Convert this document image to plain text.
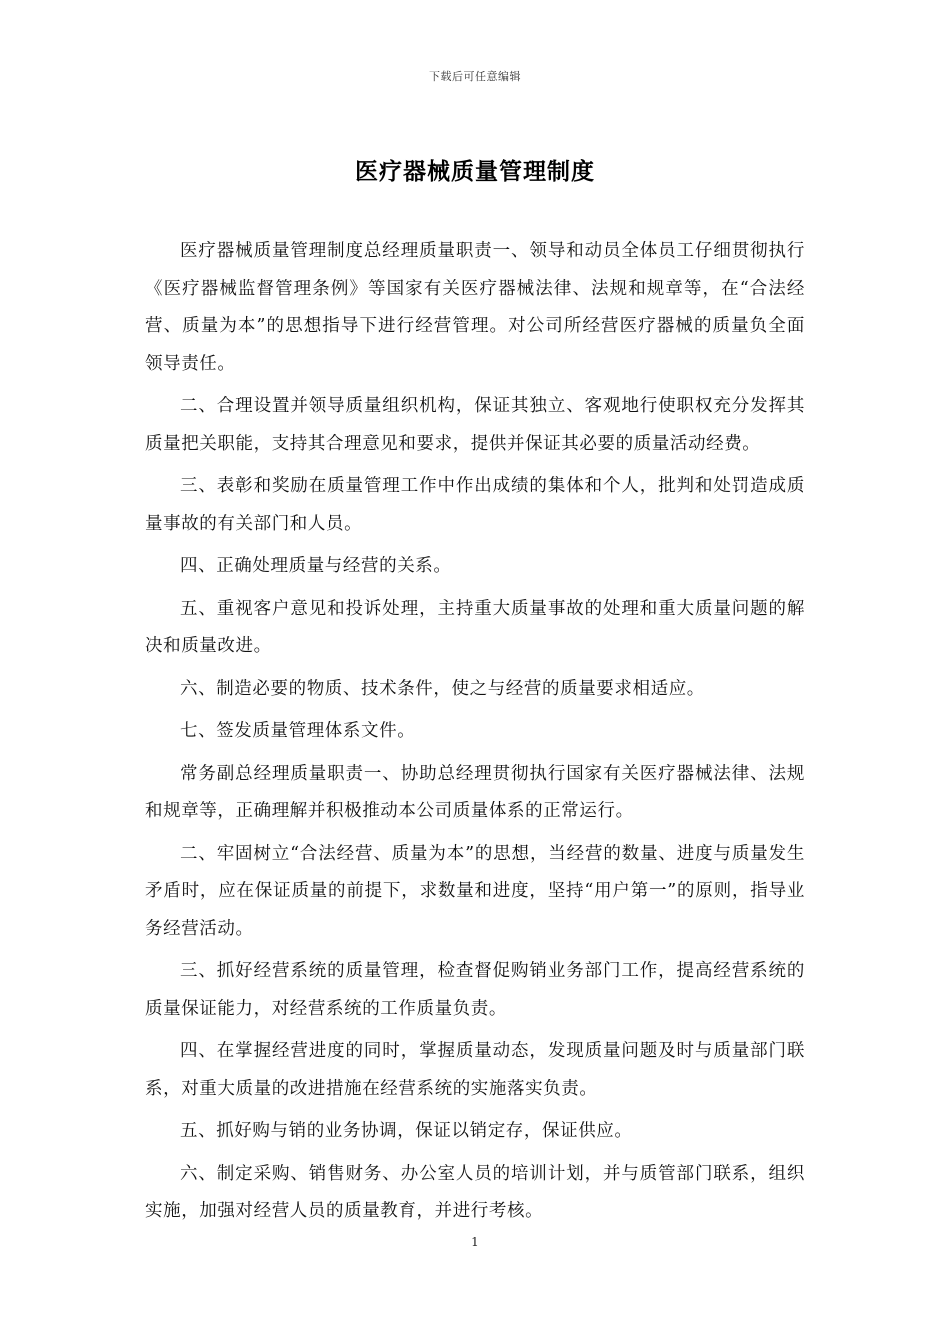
下载后可任意编辑
医疗器械质量管理制度

医疗器械质量管理制度总经理质量职责一、领导和动员全体员工仔细贯彻执行《医疗器械监督管理条例》等国家有关医疗器械法律、法规和规章等，在“合法经营、质量为本”的思想指导下进行经营管理。对公司所经营医疗器械的质量负全面领导责任。

二、合理设置并领导质量组织机构，保证其独立、客观地行使职权充分发挥其质量把关职能，支持其合理意见和要求，提供并保证其必要的质量活动经费。

三、表彰和奖励在质量管理工作中作出成绩的集体和个人，批判和处罚造成质量事故的有关部门和人员。

四、正确处理质量与经营的关系。

五、重视客户意见和投诉处理，主持重大质量事故的处理和重大质量问题的解决和质量改进。

六、制造必要的物质、技术条件，使之与经营的质量要求相适应。

七、签发质量管理体系文件。

常务副总经理质量职责一、协助总经理贯彻执行国家有关医疗器械法律、法规和规章等，正确理解并积极推动本公司质量体系的正常运行。

二、牢固树立“合法经营、质量为本”的思想，当经营的数量、进度与质量发生矛盾时，应在保证质量的前提下，求数量和进度，坚持“用户第一”的原则，指导业务经营活动。

三、抓好经营系统的质量管理，检查督促购销业务部门工作，提高经营系统的质量保证能力，对经营系统的工作质量负责。

四、在掌握经营进度的同时，掌握质量动态，发现质量问题及时与质量部门联系，对重大质量的改进措施在经营系统的实施落实负责。

五、抓好购与销的业务协调，保证以销定存，保证供应。

六、制定采购、销售财务、办公室人员的培训计划，并与质管部门联系，组织实施，加强对经营人员的质量教育，并进行考核。

1
